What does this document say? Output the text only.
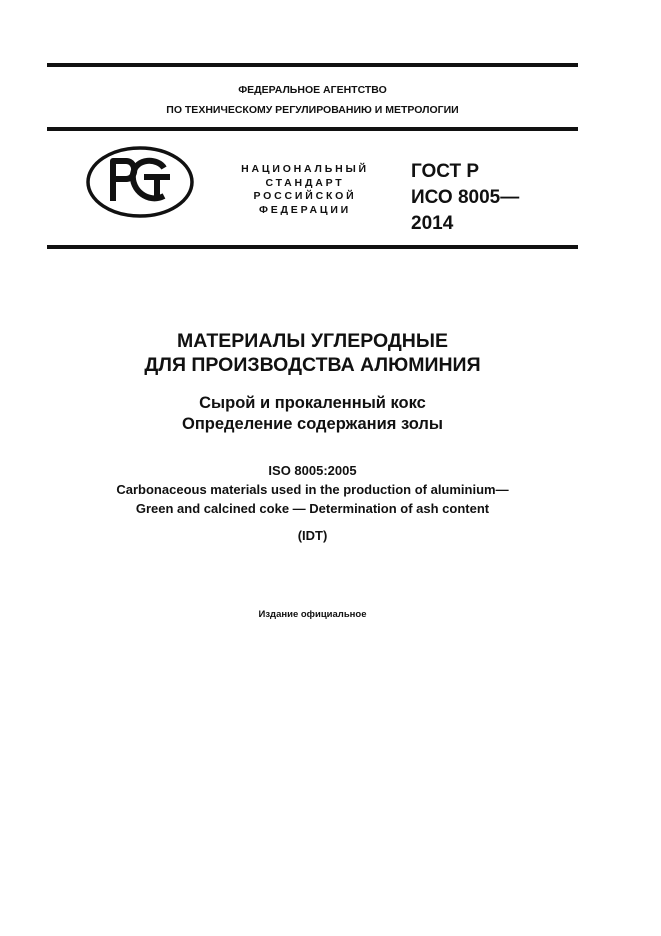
ФЕДЕРАЛЬНОЕ АГЕНТСТВО
ПО ТЕХНИЧЕСКОМУ РЕГУЛИРОВАНИЮ И МЕТРОЛОГИИ
НАЦИОНАЛЬНЫЙ
СТАНДАРТ
РОССИЙСКОЙ
ФЕДЕРАЦИИ
ГОСТ Р
ИСО 8005—
2014
МАТЕРИАЛЫ УГЛЕРОДНЫЕ
ДЛЯ ПРОИЗВОДСТВА АЛЮМИНИЯ
Сырой и прокаленный кокс
Определение содержания золы
ISO 8005:2005
Carbonaceous materials used in the production of aluminium—
Green and calcined coke — Determination of ash content
(IDT)
Издание официальное
